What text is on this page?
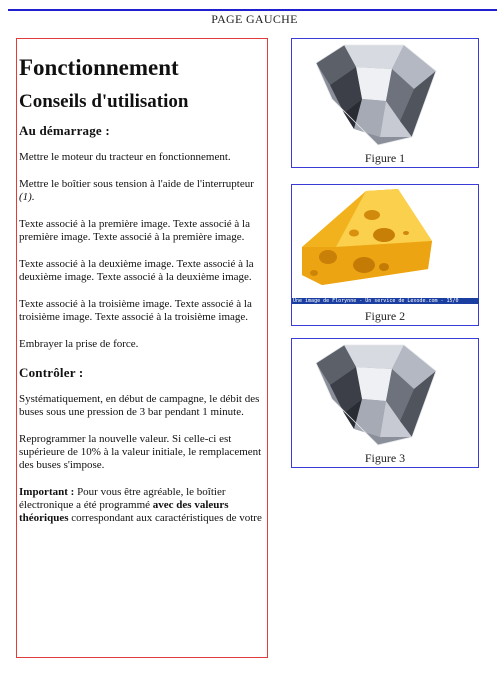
PAGE GAUCHE
Fonctionnement
Conseils d'utilisation
Au démarrage :

Mettre le moteur du tracteur en fonctionnement.

Mettre le boîtier sous tension à l'aide de l'interrupteur (1).

Texte associé à la première image. Texte associé à la première image. Texte associé à la première image.

Texte associé à la deuxième image. Texte associé à la deuxième image. Texte associé à la deuxième image.

Texte associé à la troisième image. Texte associé à la troisième image. Texte associé à la troisième image.

Embrayer la prise de force.

Contrôler :

Systématiquement, en début de campagne, le débit des buses sous une pression de 3 bar pendant 1 minute.

Reprogrammer la nouvelle valeur. Si celle-ci est supérieure de 10% à la valeur initiale, le remplacement des buses s'impose.

Important : Pour vous être agréable, le boîtier électronique a été programmé avec des valeurs théoriques correspondant aux caractéristiques de votre

Figure 1
Une image de Florynne - Un service de Lexode.com - 15/0
Figure 2
Figure 3
